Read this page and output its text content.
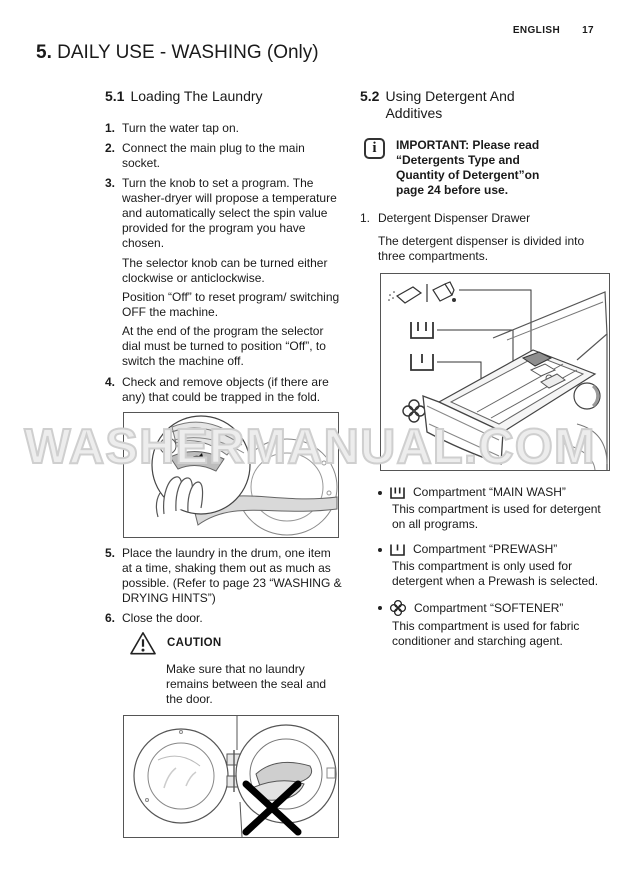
ENGLISH 17
5. DAILY USE - WASHING (Only)
WASHERMANUAL.COM
5.1 Loading The Laundry
1. Turn the water tap on.
2. Connect the main plug to the main socket.
3. Turn the knob to set a program. The washer-dryer will propose a temperature and automatically select the spin value provided for the program you have chosen.

The selector knob can be turned either clockwise or anticlockwise.

Position “Off” to reset program/ switching OFF the machine.

At the end of the program the selector dial must be turned to position “Off”, to switch the machine off.

4. Check and remove objects (if there are any) that could be trapped in the fold.
5. Place the laundry in the drum, one item at a time, shaking them out as much as possible. (Refer to page 23 “WASHING & DRYING HINTS”)
6. Close the door.
CAUTION
Make sure that no laundry remains between the seal and the door.
5.2 Using Detergent And Additives
i	IMPORTANT: Please read “Detergents Type and Quantity of Detergent”on page 24 before use.
1. Detergent Dispenser Drawer

The detergent dispenser is divided into three compartments.

Compartment “MAIN WASH”
This compartment is used for detergent on all programs.
Compartment “PREWASH”
This compartment is only used for detergent when a Prewash is selected.
Compartment “SOFTENER”
This compartment is used for fabric conditioner and starching agent.
